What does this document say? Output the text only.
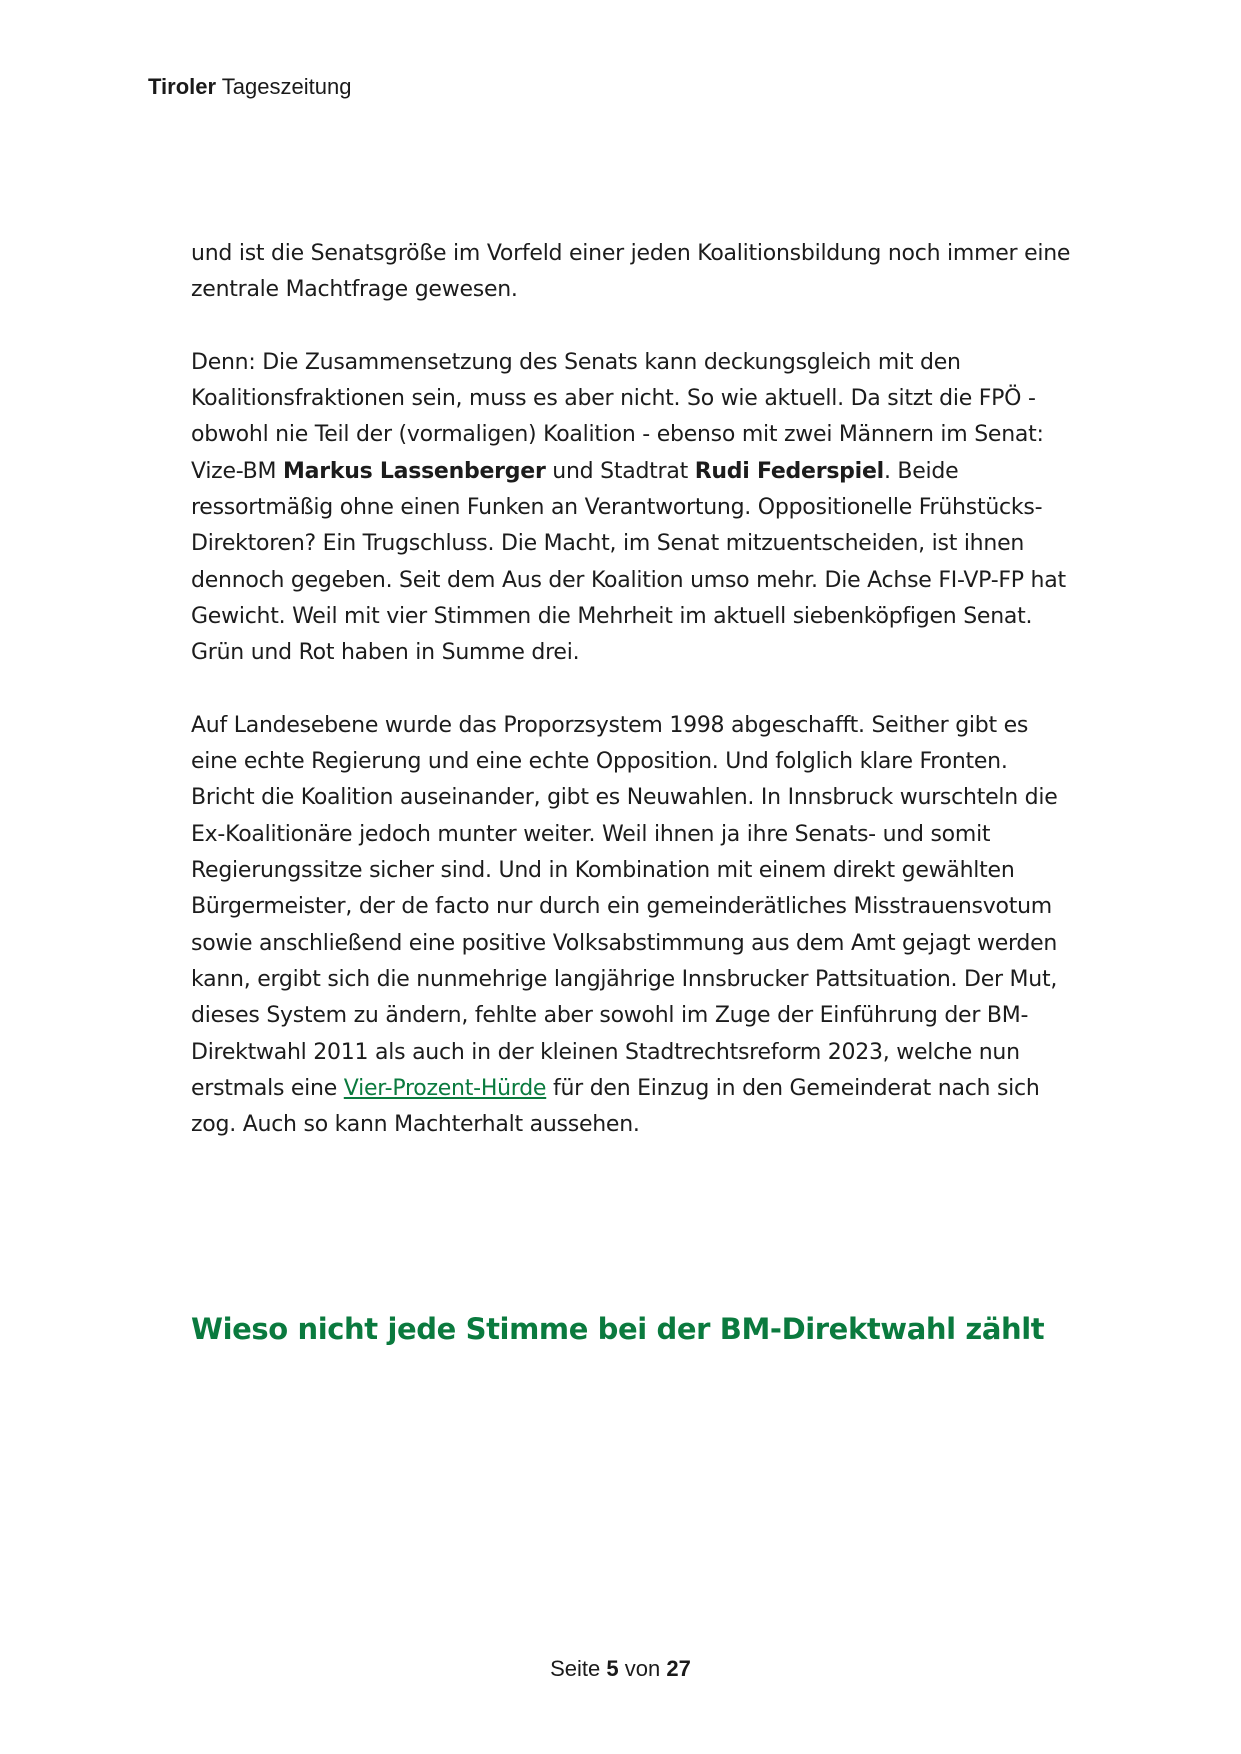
Tiroler Tageszeitung

und ist die Senatsgröße im Vorfeld einer jeden Koalitionsbildung noch immer eine zentrale Machtfrage gewesen.

Denn: Die Zusammensetzung des Senats kann deckungsgleich mit den Koalitionsfraktionen sein, muss es aber nicht. So wie aktuell. Da sitzt die FPÖ - obwohl nie Teil der (vormaligen) Koalition - ebenso mit zwei Männern im Senat: Vize-BM Markus Lassenberger und Stadtrat Rudi Federspiel. Beide ressortmäßig ohne einen Funken an Verantwortung. Oppositionelle Frühstücks-Direktoren? Ein Trugschluss. Die Macht, im Senat mitzuentscheiden, ist ihnen dennoch gegeben. Seit dem Aus der Koalition umso mehr. Die Achse FI-VP-FP hat Gewicht. Weil mit vier Stimmen die Mehrheit im aktuell siebenköpfigen Senat. Grün und Rot haben in Summe drei.

Auf Landesebene wurde das Proporzsystem 1998 abgeschafft. Seither gibt es eine echte Regierung und eine echte Opposition. Und folglich klare Fronten. Bricht die Koalition auseinander, gibt es Neuwahlen. In Innsbruck wurschteln die Ex-Koalitionäre jedoch munter weiter. Weil ihnen ja ihre Senats- und somit Regierungssitze sicher sind. Und in Kombination mit einem direkt gewählten Bürgermeister, der de facto nur durch ein gemeinderätliches Misstrauensvotum sowie anschließend eine positive Volksabstimmung aus dem Amt gejagt werden kann, ergibt sich die nunmehrige langjährige Innsbrucker Pattsituation. Der Mut, dieses System zu ändern, fehlte aber sowohl im Zuge der Einführung der BM-Direktwahl 2011 als auch in der kleinen Stadtrechtsreform 2023, welche nun erstmals eine Vier-Prozent-Hürde für den Einzug in den Gemeinderat nach sich zog. Auch so kann Machterhalt aussehen.

Wieso nicht jede Stimme bei der BM-Direktwahl zählt
Seite 5 von 27
